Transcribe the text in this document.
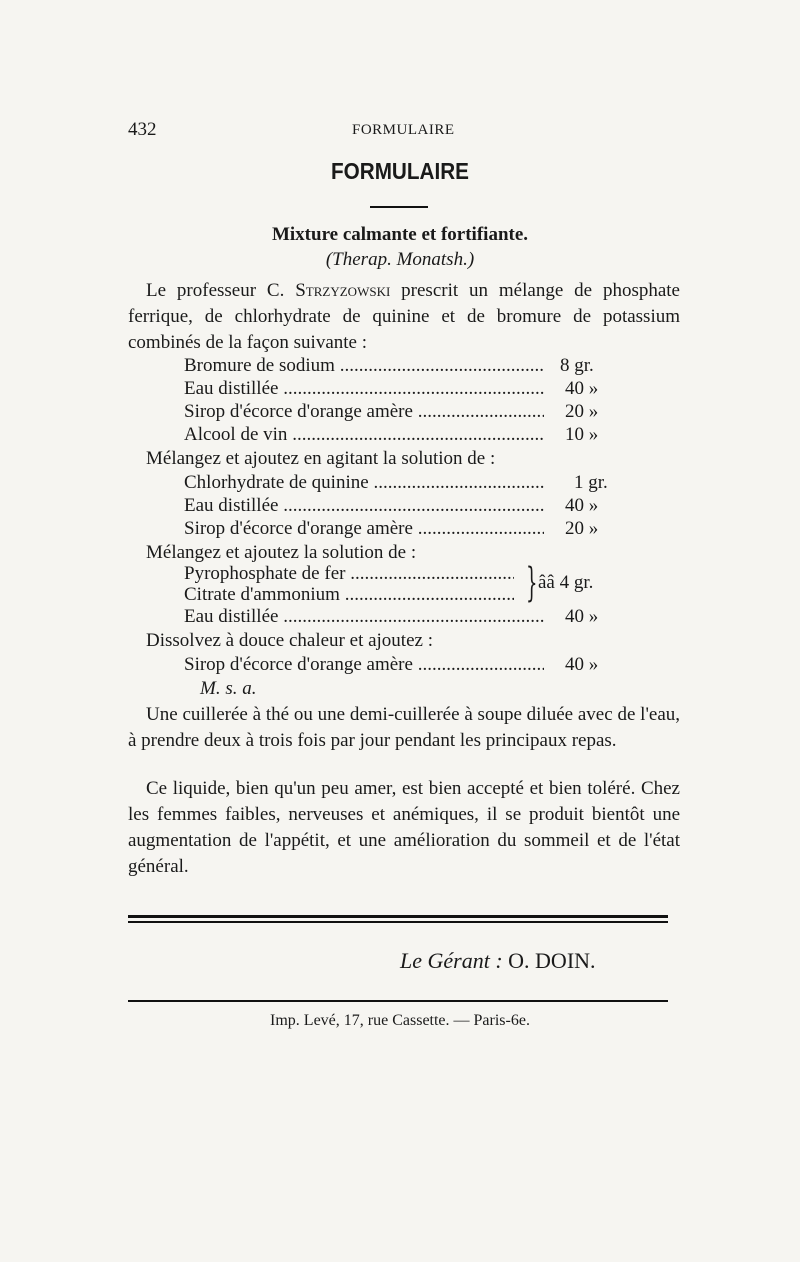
432	FORMULAIRE
FORMULAIRE
Mixture calmante et fortifiante.
(Therap. Monatsh.)
Le professeur C. Strzyzowski prescrit un mélange de phosphate ferrique, de chlorhydrate de quinine et de bromure de potassium combinés de la façon suivante :
Bromure de sodium .....	8 gr.
Eau distillée .....	40 »
Sirop d'écorce d'orange amère .....	20 »
Alcool de vin .....	10 »
Mélangez et ajoutez en agitant la solution de :
Chlorhydrate de quinine .....	1 gr.
Eau distillée .....	40 »
Sirop d'écorce d'orange amère .....	20 »
Mélangez et ajoutez la solution de :
Pyrophosphate de fer .....
Citrate d'ammonium .....	} ââ 4 gr.
Eau distillée .....	40 »
Dissolvez à douce chaleur et ajoutez :
Sirop d'écorce d'orange amère .....	40 »
M. s. a.
Une cuillerée à thé ou une demi-cuillerée à soupe diluée avec de l'eau, à prendre deux à trois fois par jour pendant les principaux repas.
Ce liquide, bien qu'un peu amer, est bien accepté et bien toléré. Chez les femmes faibles, nerveuses et anémiques, il se produit bientôt une augmentation de l'appétit, et une amélioration du sommeil et de l'état général.
Le Gérant : O. DOIN.
Imp. Levé, 17, rue Cassette. — Paris-6e.
